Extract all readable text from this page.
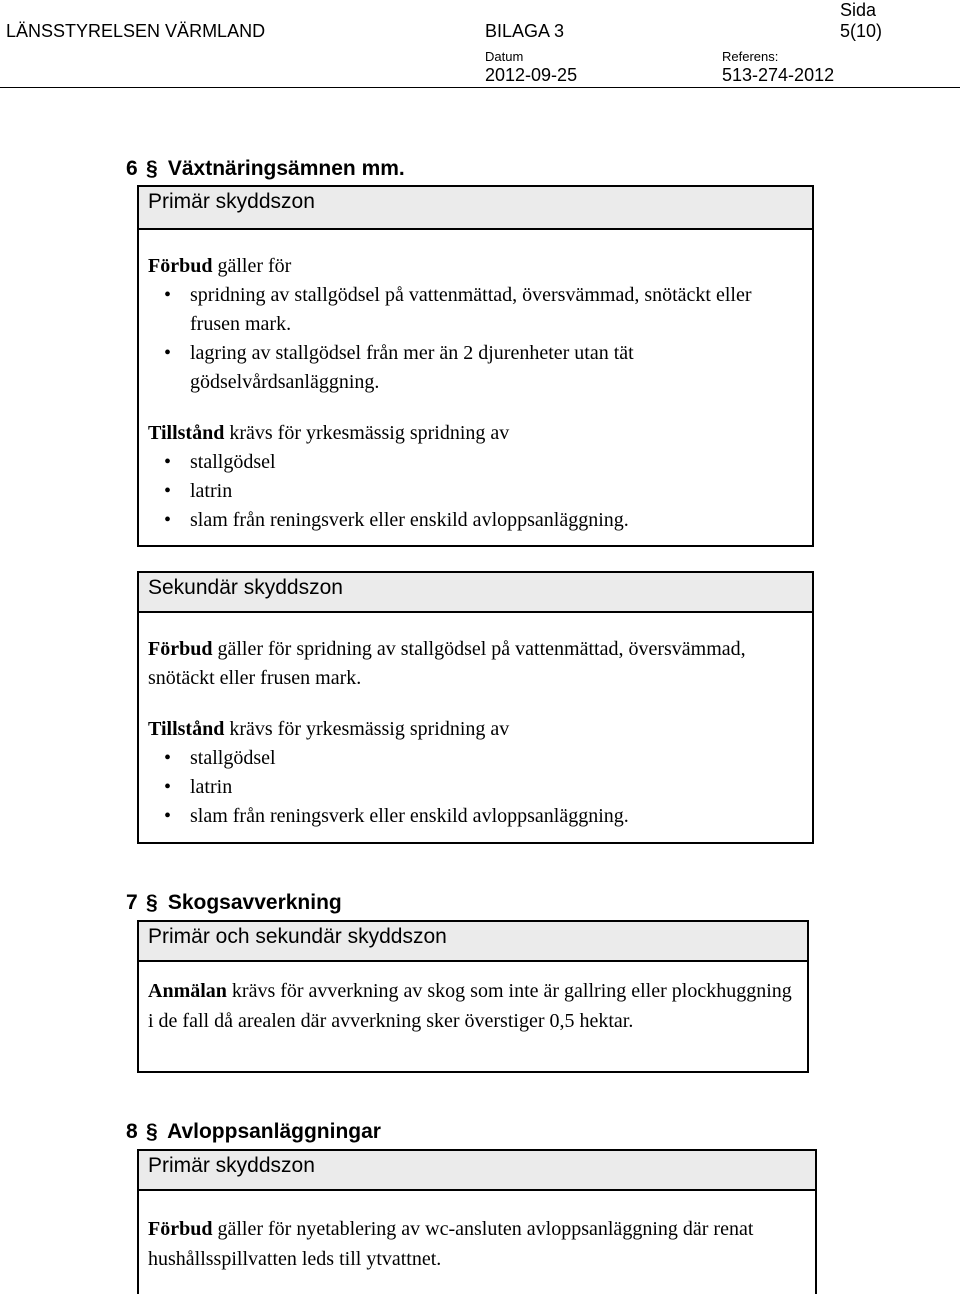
LÄNSSTYRELSEN VÄRMLAND	BILAGA 3
Sida
5(10)
Datum
2012-09-25
Referens:
513-274-2012
6 § Växtnäringsämnen mm.
Primär skyddszon

Förbud gäller för

• spridning av stallgödsel på vattenmättad, översvämmad, snötäckt eller frusen mark.
• lagring av stallgödsel från mer än 2 djurenheter utan tät gödselvårdsanläggning.

Tillstånd krävs för yrkesmässig spridning av

• stallgödsel
• latrin
• slam från reningsverk eller enskild avloppsanläggning.
Sekundär skyddszon

Förbud gäller för spridning av stallgödsel på vattenmättad, översvämmad, snötäckt eller frusen mark.

Tillstånd krävs för yrkesmässig spridning av

• stallgödsel
• latrin
• slam från reningsverk eller enskild avloppsanläggning.
7 § Skogsavverkning
Primär och sekundär skyddszon

Anmälan krävs för avverkning av skog som inte är gallring eller plockhuggning i de fall då arealen där avverkning sker överstiger 0,5 hektar.

8 § Avloppsanläggningar
Primär skyddszon

Förbud gäller för nyetablering av wc-ansluten avloppsanläggning där renat hushållsspillvatten leds till ytvattnet.
